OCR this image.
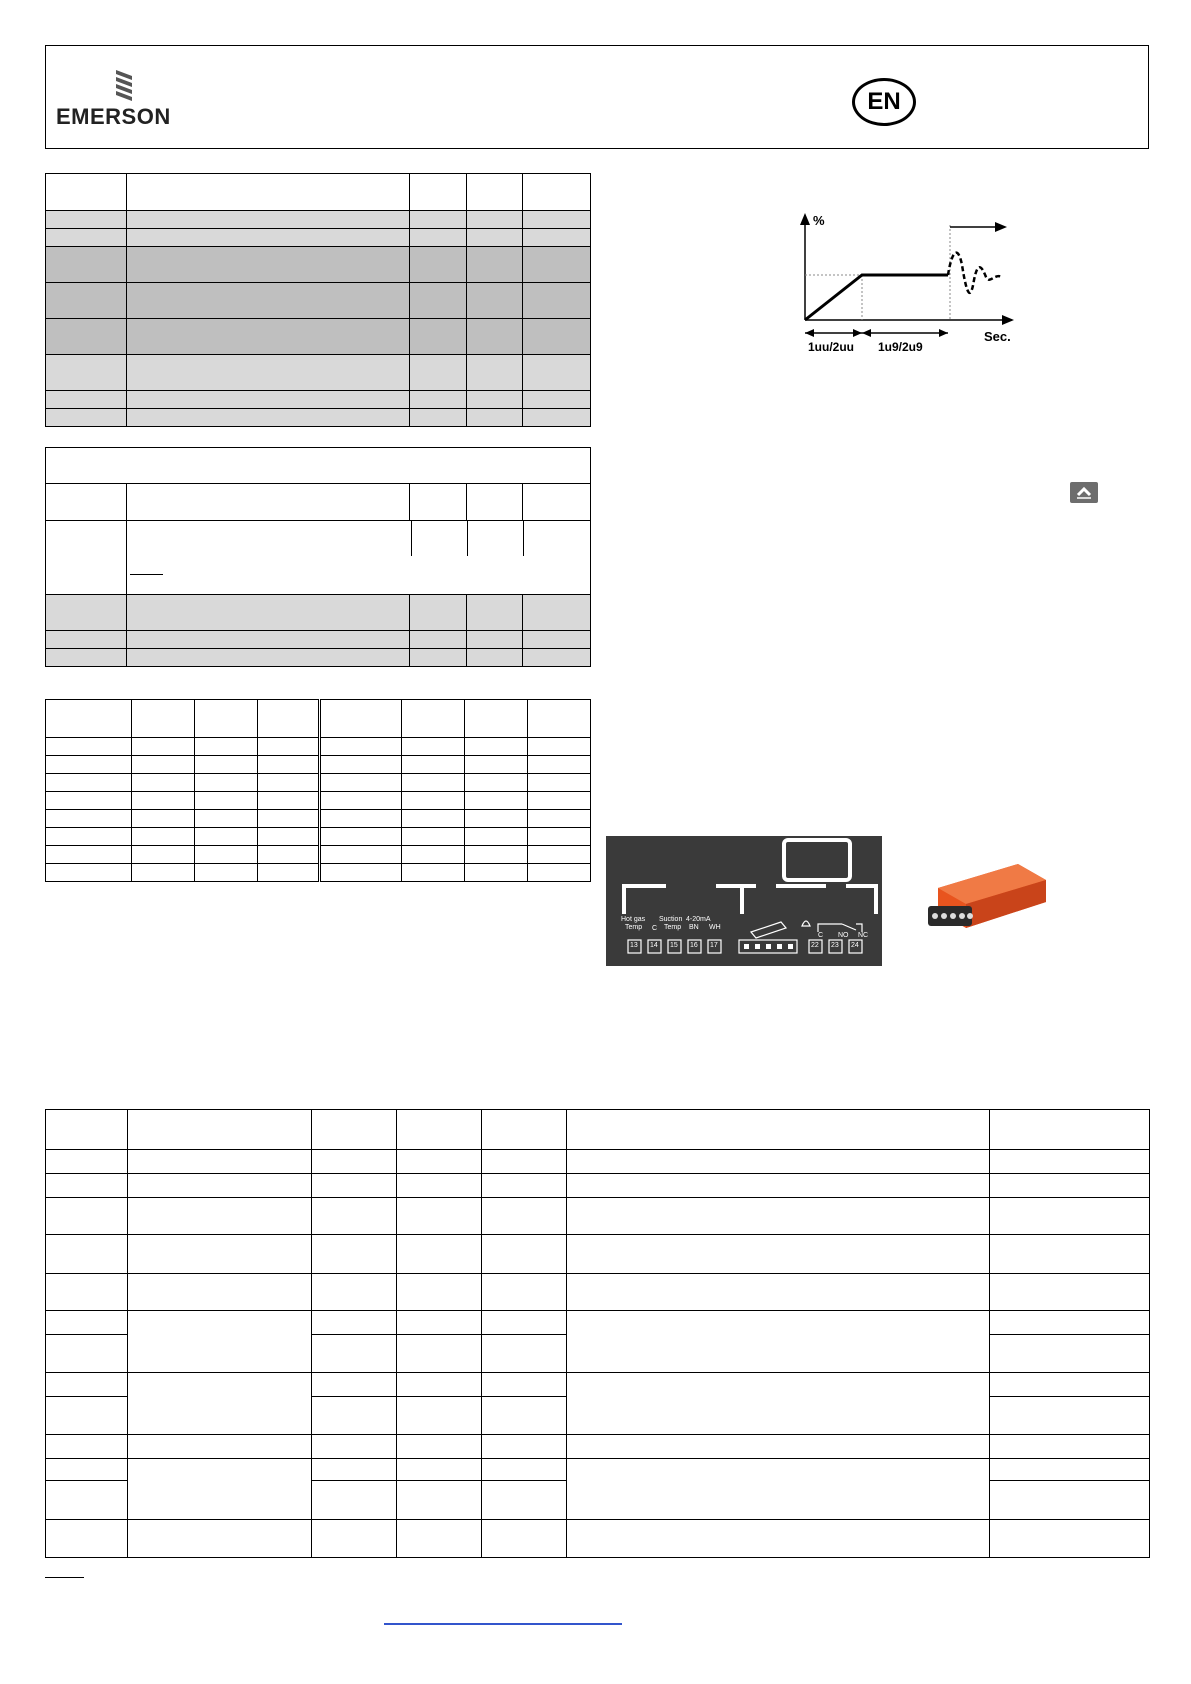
EMERSON
EN

%
Sec.
1uu/2uu 1u9/2u9
Hot gas
Temp C
Suction
Temp
4-20mA
BN WH
13 14 15 16 17	22 23 24
C NO NC
